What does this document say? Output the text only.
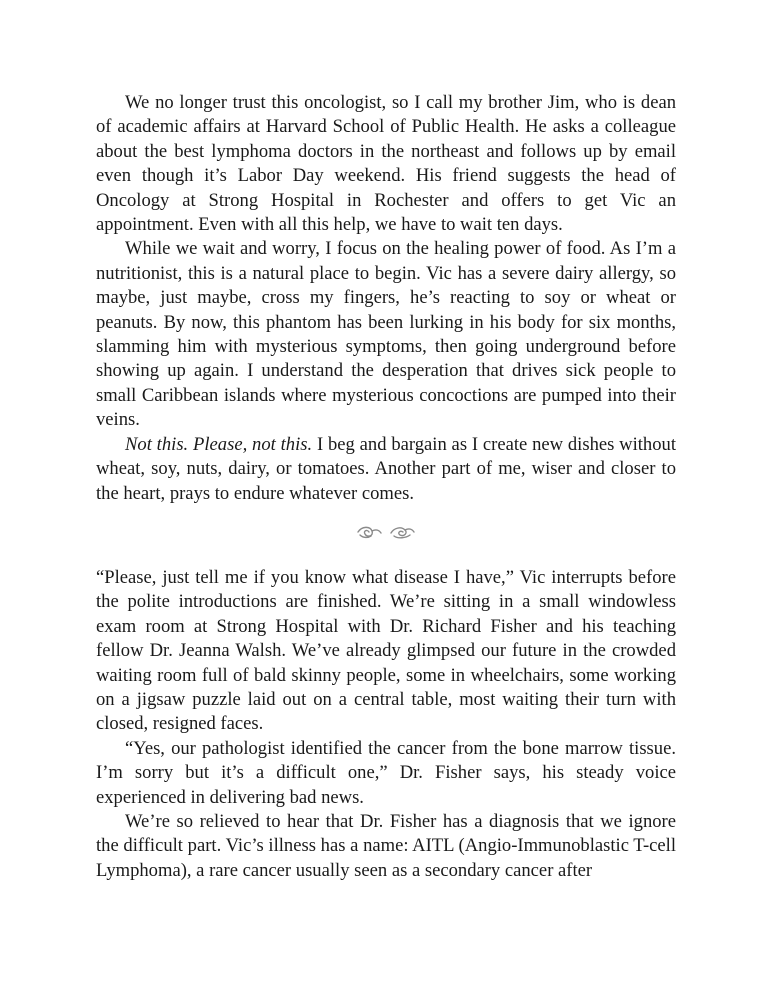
We no longer trust this oncologist, so I call my brother Jim, who is dean of academic affairs at Harvard School of Public Health. He asks a colleague about the best lymphoma doctors in the northeast and follows up by email even though it’s Labor Day weekend. His friend suggests the head of Oncology at Strong Hospital in Rochester and offers to get Vic an appointment. Even with all this help, we have to wait ten days.

While we wait and worry, I focus on the healing power of food. As I’m a nutritionist, this is a natural place to begin. Vic has a severe dairy allergy, so maybe, just maybe, cross my fingers, he’s reacting to soy or wheat or peanuts. By now, this phantom has been lurking in his body for six months, slamming him with mysterious symptoms, then going underground before showing up again. I understand the desperation that drives sick people to small Caribbean islands where mysterious concoctions are pumped into their veins.

Not this. Please, not this. I beg and bargain as I create new dishes without wheat, soy, nuts, dairy, or tomatoes. Another part of me, wiser and closer to the heart, prays to endure whatever comes.

“Please, just tell me if you know what disease I have,” Vic interrupts before the polite introductions are finished. We’re sitting in a small windowless exam room at Strong Hospital with Dr. Richard Fisher and his teaching fellow Dr. Jeanna Walsh. We’ve already glimpsed our future in the crowded waiting room full of bald skinny people, some in wheelchairs, some working on a jigsaw puzzle laid out on a central table, most waiting their turn with closed, resigned faces.

“Yes, our pathologist identified the cancer from the bone marrow tissue. I’m sorry but it’s a difficult one,” Dr. Fisher says, his steady voice experienced in delivering bad news.

We’re so relieved to hear that Dr. Fisher has a diagnosis that we ignore the difficult part. Vic’s illness has a name: AITL (Angio-Immunoblastic T-cell Lymphoma), a rare cancer usually seen as a secondary cancer after
